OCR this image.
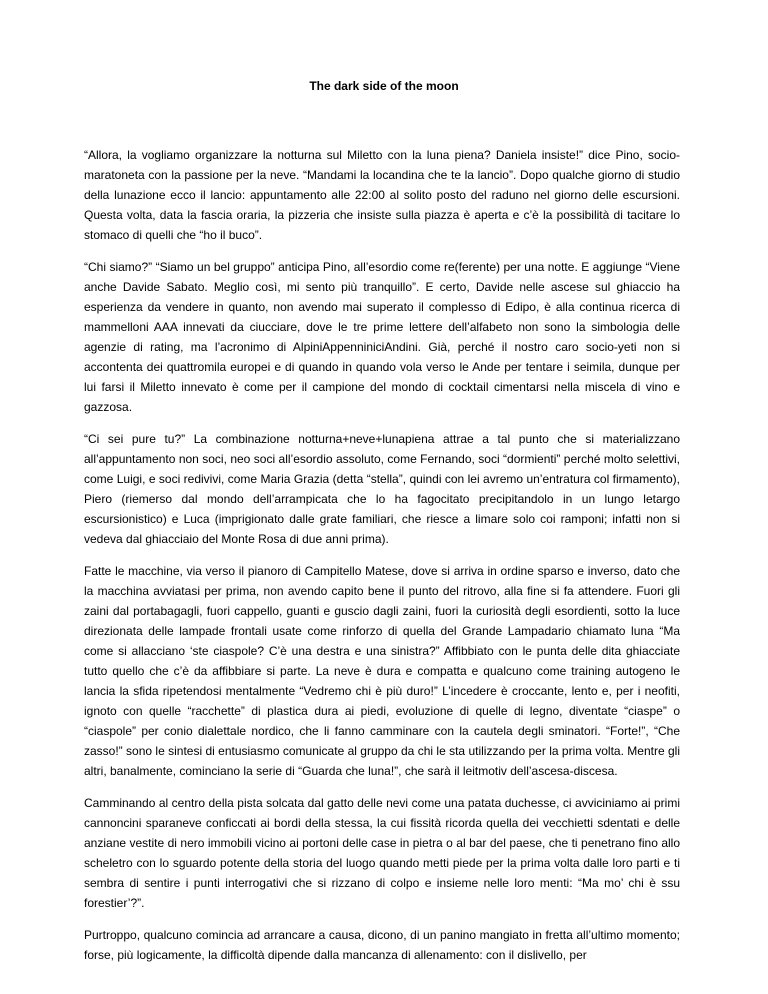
The dark side of the moon

“Allora, la vogliamo organizzare la notturna sul Miletto con la luna piena? Daniela insiste!” dice Pino, socio-maratoneta con la passione per la neve. “Mandami la locandina che te la lancio”. Dopo qualche giorno di studio della lunazione ecco il lancio: appuntamento alle 22:00 al solito posto del raduno nel giorno delle escursioni. Questa volta, data la fascia oraria, la pizzeria che insiste sulla piazza è aperta e c’è la possibilità di tacitare lo stomaco di quelli che “ho il buco”.

“Chi siamo?” “Siamo un bel gruppo” anticipa Pino, all’esordio come re(ferente) per una notte. E aggiunge “Viene anche Davide Sabato. Meglio così, mi sento più tranquillo”. E certo, Davide nelle ascese sul ghiaccio ha esperienza da vendere in quanto, non avendo mai superato il complesso di Edipo, è alla continua ricerca di mammelloni AAA innevati da ciucciare, dove le tre prime lettere dell’alfabeto non sono la simbologia delle agenzie di rating, ma l’acronimo di AlpiniAppenniniciAndini. Già, perché il nostro caro socio-yeti non si accontenta dei quattromila europei e di quando in quando vola verso le Ande per tentare i seimila, dunque per lui farsi il Miletto innevato è come per il campione del mondo di cocktail cimentarsi nella miscela di vino e gazzosa.

“Ci sei pure tu?” La combinazione notturna+neve+lunapiena attrae a tal punto che si materializzano all’appuntamento non soci, neo soci all’esordio assoluto, come Fernando, soci “dormienti” perché molto selettivi, come Luigi, e soci redivivi, come Maria Grazia (detta “stella”, quindi con lei avremo un’entratura col firmamento), Piero (riemerso dal mondo dell’arrampicata che lo ha fagocitato precipitandolo in un lungo letargo escursionistico) e Luca (imprigionato dalle grate familiari, che riesce a limare solo coi ramponi; infatti non si vedeva dal ghiacciaio del Monte Rosa di due anni prima).

Fatte le macchine, via verso il pianoro di Campitello Matese, dove si arriva in ordine sparso e inverso, dato che la macchina avviatasi per prima, non avendo capito bene il punto del ritrovo, alla fine si fa attendere. Fuori gli zaini dal portabagagli, fuori cappello, guanti e guscio dagli zaini, fuori la curiosità degli esordienti, sotto la luce direzionata delle lampade frontali usate come rinforzo di quella del Grande Lampadario chiamato luna “Ma come si allacciano ‘ste ciaspole? C’è una destra e una sinistra?” Affibbiato con le punta delle dita ghiacciate tutto quello che c’è da affibbiare si parte. La neve è dura e compatta e qualcuno come training autogeno le lancia la sfida ripetendosi mentalmente “Vedremo chi è più duro!” L’incedere è croccante, lento e, per i neofiti, ignoto con quelle “racchette” di plastica dura ai piedi, evoluzione di quelle di legno, diventate “ciaspe” o “ciaspole” per conio dialettale nordico, che li fanno camminare con la cautela degli sminatori. “Forte!”, “Che zasso!” sono le sintesi di entusiasmo comunicate al gruppo da chi le sta utilizzando per la prima volta. Mentre gli altri, banalmente, cominciano la serie di “Guarda che luna!”, che sarà il leitmotiv dell’ascesa-discesa.

Camminando al centro della pista solcata dal gatto delle nevi come una patata duchesse, ci avviciniamo ai primi cannoncini sparaneve conficcati ai bordi della stessa, la cui fissità ricorda quella dei vecchietti sdentati e delle anziane vestite di nero immobili vicino ai portoni delle case in pietra o al bar del paese, che ti penetrano fino allo scheletro con lo sguardo potente della storia del luogo quando metti piede per la prima volta dalle loro parti e ti sembra di sentire i punti interrogativi che si rizzano di colpo e insieme nelle loro menti: “Ma mo’ chi è ssu forestier’?”.

Purtroppo, qualcuno comincia ad arrancare a causa, dicono, di un panino mangiato in fretta all’ultimo momento; forse, più logicamente, la difficoltà dipende dalla mancanza di allenamento: con il dislivello, per
